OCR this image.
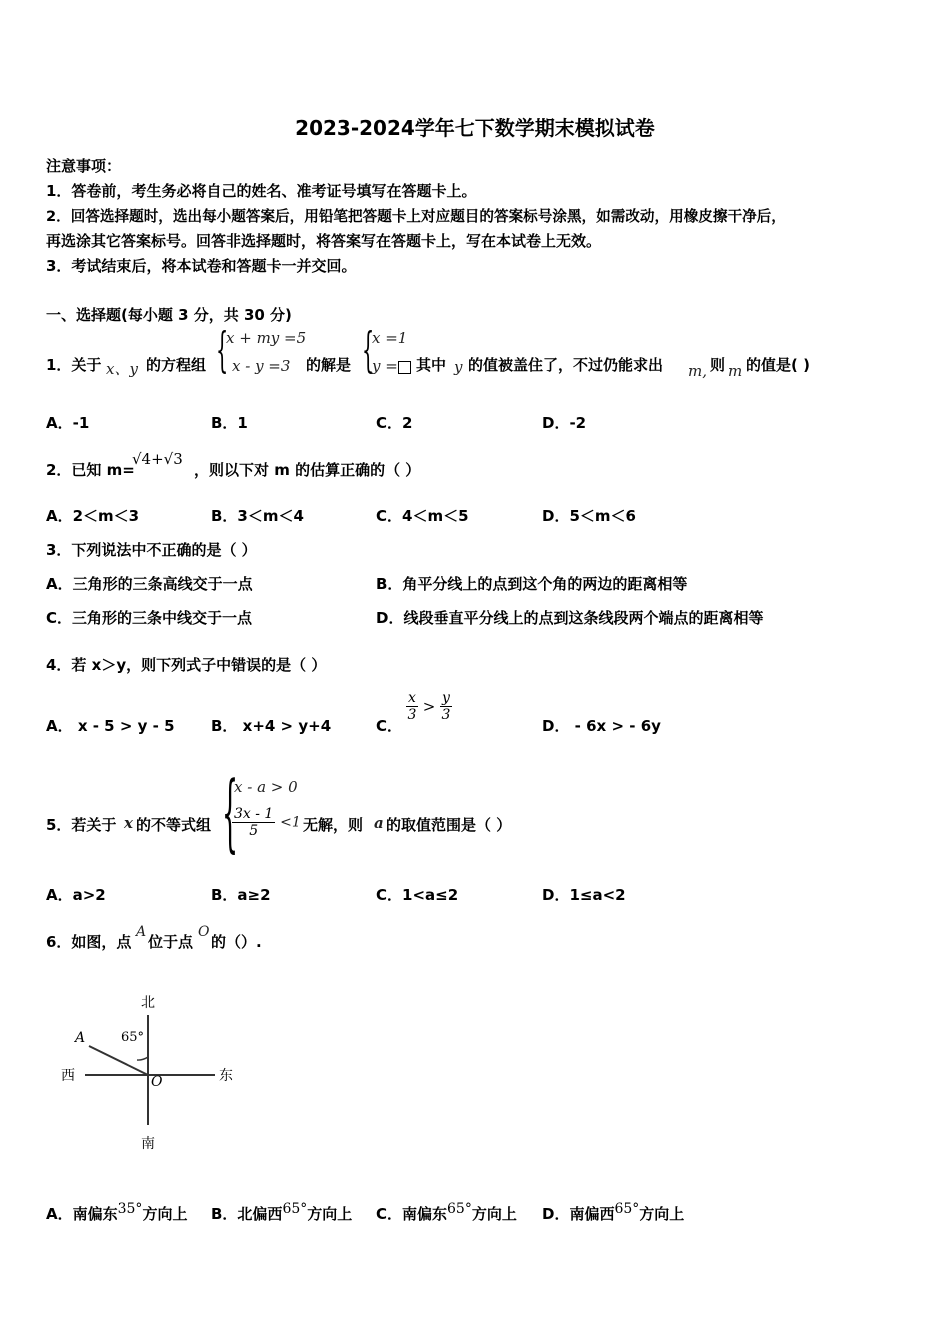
2023-2024学年七下数学期末模拟试卷
注意事项：
1．答卷前，考生务必将自己的姓名、准考证号填写在答题卡上。
2．回答选择题时，选出每小题答案后，用铅笔把答题卡上对应题目的答案标号涂黑，如需改动，用橡皮擦干净后，
再选涂其它答案标号。回答非选择题时，将答案写在答题卡上，写在本试卷上无效。
3．考试结束后，将本试卷和答题卡一并交回。
一、选择题(每小题 3 分，共 30 分)
1．关于 x、y 的方程组 {
x + my =5
x - y =3 的解是 {
x =1
y = 其中 y 的值被盖住了，不过仍能求出 m, 则 m 的值是( )
A．-1	B．1	C．2	D．-2
2．已知 m=
√4+√3
，则以下对 m 的估算正确的（ ）
A．2＜m＜3	B．3＜m＜4	C．4＜m＜5	D．5＜m＜6
3．下列说法中不正确的是（ ）
A．三角形的三条高线交于一点	B．角平分线上的点到这个角的两边的距离相等
C．三角形的三条中线交于一点	D．线段垂直平分线上的点到这条线段两个端点的距离相等
4．若 x＞y，则下列式子中错误的是（ ）
A． x - 5 > y - 5 B． x+4 > y+4	C．
$\frac{x}{3} > \frac{y}{3}$
D． - 6x > - 6y
5．若关于 x 的不等式组 {
x - a > 0
$\frac{3x - 1}{5} <1$ 无解，则 a 的取值范围是（ ）
A．a>2	B．a≥2	C．1<a≤2	D．1≤a<2
6．如图，点
A
位于点
O
的（）.
北
南
东
西
65°
A
O
A．南偏东35°方向上 B．北偏西65°方向上 C．南偏东65°方向上 D．南偏西65°方向上
